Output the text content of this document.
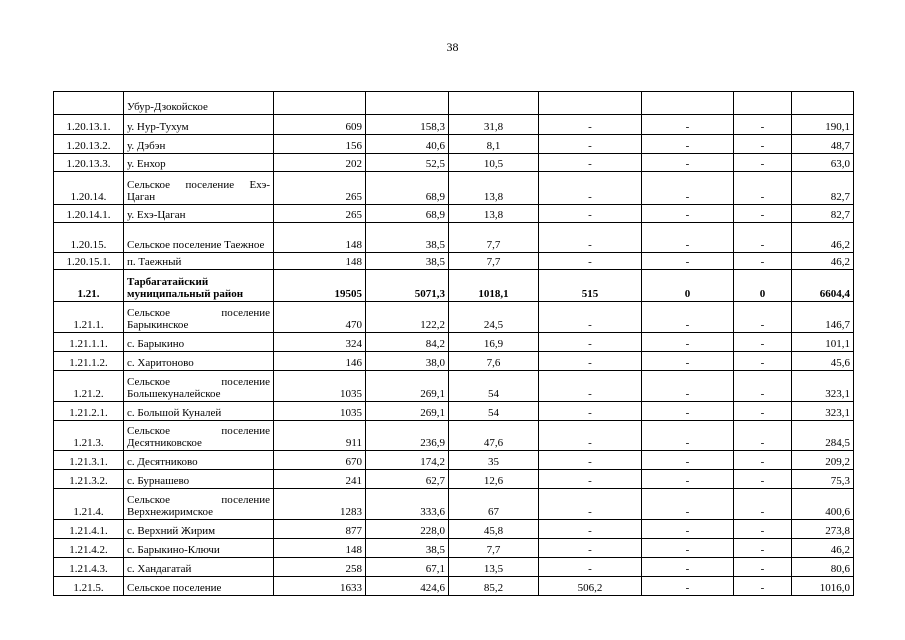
38
	Убур-Дзокойское							
1.20.13.1.	у. Нур-Тухум	609	158,3	31,8	-	-	-	190,1
1.20.13.2.	у. Дэбэн	156	40,6	8,1	-	-	-	48,7
1.20.13.3.	у. Енхор	202	52,5	10,5	-	-	-	63,0
1.20.14.	Сельское поселение Ехэ-Цаган	265	68,9	13,8	-	-	-	82,7
1.20.14.1.	у. Ехэ-Цаган	265	68,9	13,8	-	-	-	82,7
1.20.15.	Сельское поселение Таежное	148	38,5	7,7	-	-	-	46,2
1.20.15.1.	п. Таежный	148	38,5	7,7	-	-	-	46,2
1.21.	Тарбагатайский муниципальный район	19505	5071,3	1018,1	515	0	0	6604,4
1.21.1.	Сельское поселение Барыкинское	470	122,2	24,5	-	-	-	146,7
1.21.1.1.	с. Барыкино	324	84,2	16,9	-	-	-	101,1
1.21.1.2.	с. Харитоново	146	38,0	7,6	-	-	-	45,6
1.21.2.	Сельское поселение Большекуналейское	1035	269,1	54	-	-	-	323,1
1.21.2.1.	с. Большой Куналей	1035	269,1	54	-	-	-	323,1
1.21.3.	Сельское поселение Десятниковское	911	236,9	47,6	-	-	-	284,5
1.21.3.1.	с. Десятниково	670	174,2	35	-	-	-	209,2
1.21.3.2.	с. Бурнашево	241	62,7	12,6	-	-	-	75,3
1.21.4.	Сельское поселение Верхнежиримское	1283	333,6	67	-	-	-	400,6
1.21.4.1.	с. Верхний Жирим	877	228,0	45,8	-	-	-	273,8
1.21.4.2.	с. Барыкино-Ключи	148	38,5	7,7	-	-	-	46,2
1.21.4.3.	с. Хандагатай	258	67,1	13,5	-	-	-	80,6
1.21.5.	Сельское поселение	1633	424,6	85,2	506,2	-	-	1016,0
